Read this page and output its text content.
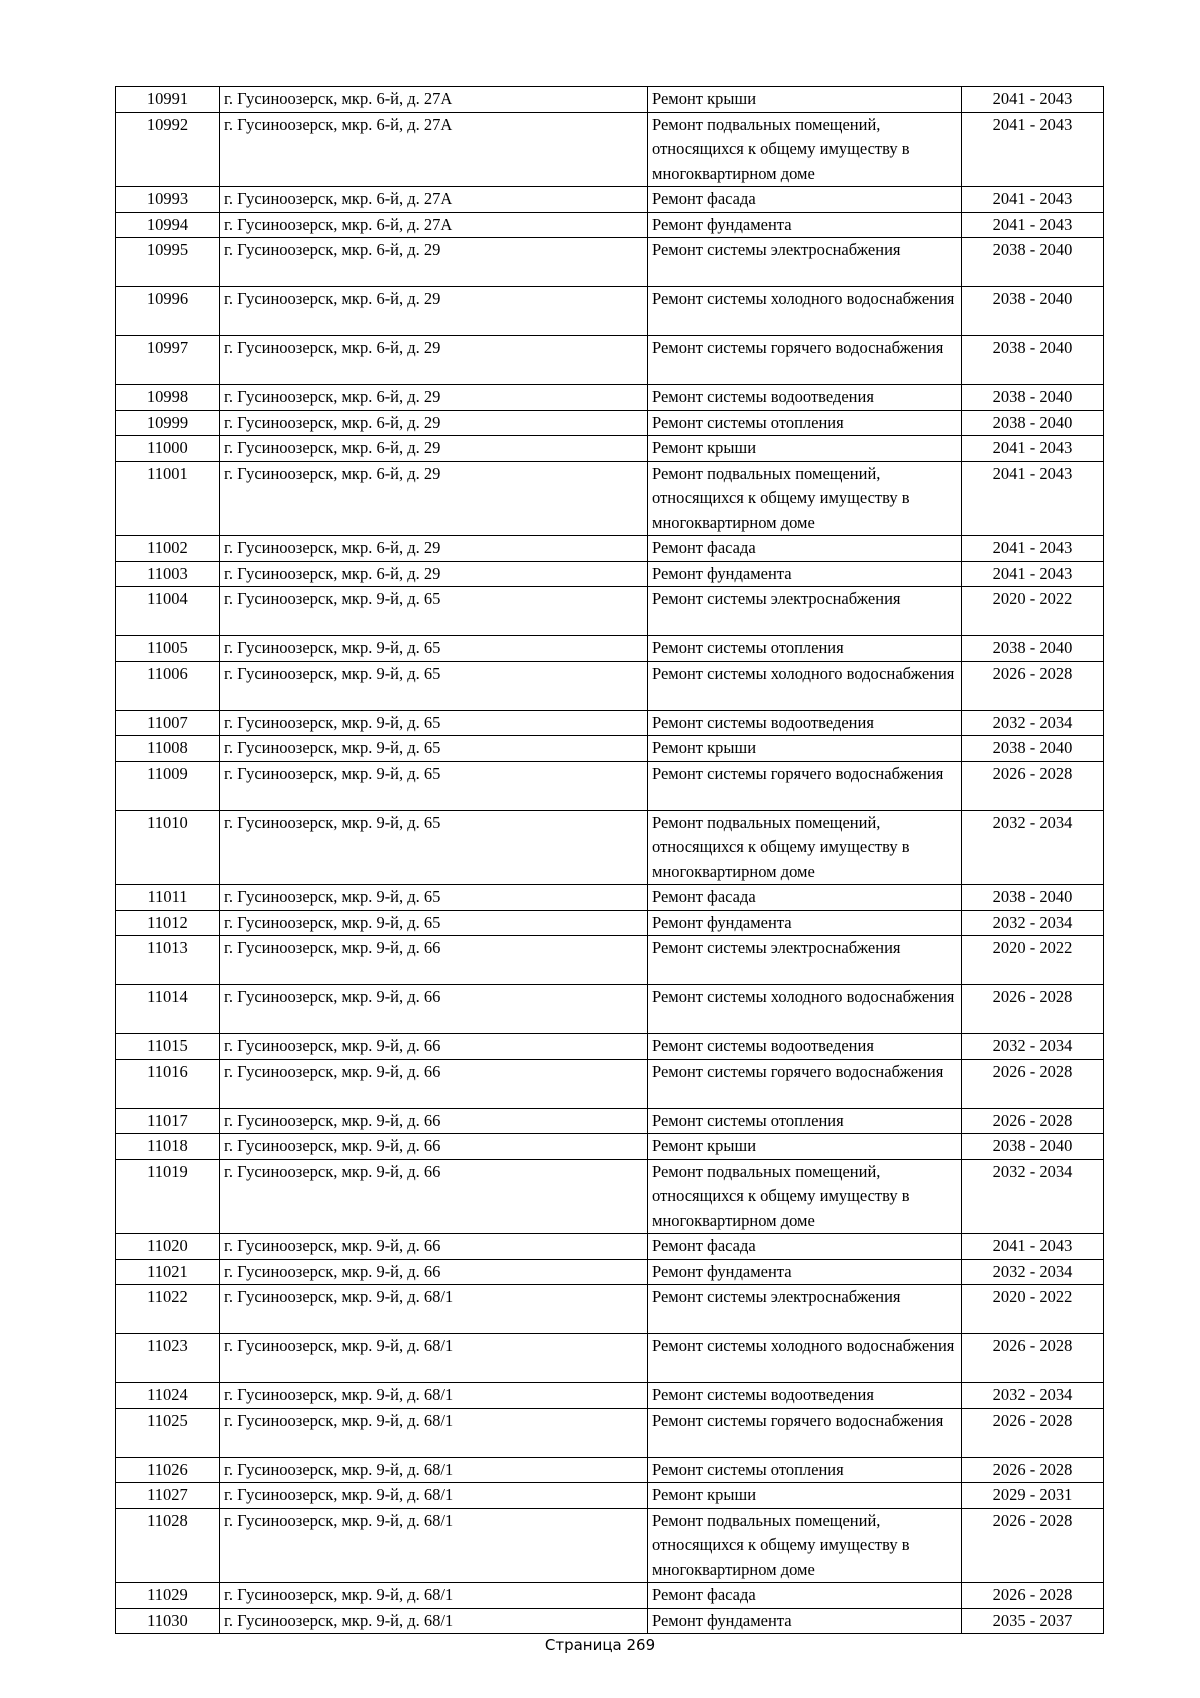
10991	г. Гусиноозерск, мкр. 6-й, д. 27А	Ремонт крыши	2041 - 2043
10992	г. Гусиноозерск, мкр. 6-й, д. 27А	Ремонт подвальных помещений, относящихся к общему имуществу в многоквартирном доме	2041 - 2043
10993	г. Гусиноозерск, мкр. 6-й, д. 27А	Ремонт фасада	2041 - 2043
10994	г. Гусиноозерск, мкр. 6-й, д. 27А	Ремонт фундамента	2041 - 2043
10995	г. Гусиноозерск, мкр. 6-й, д. 29	Ремонт системы электроснабжения	2038 - 2040
10996	г. Гусиноозерск, мкр. 6-й, д. 29	Ремонт системы холодного водоснабжения	2038 - 2040
10997	г. Гусиноозерск, мкр. 6-й, д. 29	Ремонт системы горячего водоснабжения	2038 - 2040
10998	г. Гусиноозерск, мкр. 6-й, д. 29	Ремонт системы водоотведения	2038 - 2040
10999	г. Гусиноозерск, мкр. 6-й, д. 29	Ремонт системы отопления	2038 - 2040
11000	г. Гусиноозерск, мкр. 6-й, д. 29	Ремонт крыши	2041 - 2043
11001	г. Гусиноозерск, мкр. 6-й, д. 29	Ремонт подвальных помещений, относящихся к общему имуществу в многоквартирном доме	2041 - 2043
11002	г. Гусиноозерск, мкр. 6-й, д. 29	Ремонт фасада	2041 - 2043
11003	г. Гусиноозерск, мкр. 6-й, д. 29	Ремонт фундамента	2041 - 2043
11004	г. Гусиноозерск, мкр. 9-й, д. 65	Ремонт системы электроснабжения	2020 - 2022
11005	г. Гусиноозерск, мкр. 9-й, д. 65	Ремонт системы отопления	2038 - 2040
11006	г. Гусиноозерск, мкр. 9-й, д. 65	Ремонт системы холодного водоснабжения	2026 - 2028
11007	г. Гусиноозерск, мкр. 9-й, д. 65	Ремонт системы водоотведения	2032 - 2034
11008	г. Гусиноозерск, мкр. 9-й, д. 65	Ремонт крыши	2038 - 2040
11009	г. Гусиноозерск, мкр. 9-й, д. 65	Ремонт системы горячего водоснабжения	2026 - 2028
11010	г. Гусиноозерск, мкр. 9-й, д. 65	Ремонт подвальных помещений, относящихся к общему имуществу в многоквартирном доме	2032 - 2034
11011	г. Гусиноозерск, мкр. 9-й, д. 65	Ремонт фасада	2038 - 2040
11012	г. Гусиноозерск, мкр. 9-й, д. 65	Ремонт фундамента	2032 - 2034
11013	г. Гусиноозерск, мкр. 9-й, д. 66	Ремонт системы электроснабжения	2020 - 2022
11014	г. Гусиноозерск, мкр. 9-й, д. 66	Ремонт системы холодного водоснабжения	2026 - 2028
11015	г. Гусиноозерск, мкр. 9-й, д. 66	Ремонт системы водоотведения	2032 - 2034
11016	г. Гусиноозерск, мкр. 9-й, д. 66	Ремонт системы горячего водоснабжения	2026 - 2028
11017	г. Гусиноозерск, мкр. 9-й, д. 66	Ремонт системы отопления	2026 - 2028
11018	г. Гусиноозерск, мкр. 9-й, д. 66	Ремонт крыши	2038 - 2040
11019	г. Гусиноозерск, мкр. 9-й, д. 66	Ремонт подвальных помещений, относящихся к общему имуществу в многоквартирном доме	2032 - 2034
11020	г. Гусиноозерск, мкр. 9-й, д. 66	Ремонт фасада	2041 - 2043
11021	г. Гусиноозерск, мкр. 9-й, д. 66	Ремонт фундамента	2032 - 2034
11022	г. Гусиноозерск, мкр. 9-й, д. 68/1	Ремонт системы электроснабжения	2020 - 2022
11023	г. Гусиноозерск, мкр. 9-й, д. 68/1	Ремонт системы холодного водоснабжения	2026 - 2028
11024	г. Гусиноозерск, мкр. 9-й, д. 68/1	Ремонт системы водоотведения	2032 - 2034
11025	г. Гусиноозерск, мкр. 9-й, д. 68/1	Ремонт системы горячего водоснабжения	2026 - 2028
11026	г. Гусиноозерск, мкр. 9-й, д. 68/1	Ремонт системы отопления	2026 - 2028
11027	г. Гусиноозерск, мкр. 9-й, д. 68/1	Ремонт крыши	2029 - 2031
11028	г. Гусиноозерск, мкр. 9-й, д. 68/1	Ремонт подвальных помещений, относящихся к общему имуществу в многоквартирном доме	2026 - 2028
11029	г. Гусиноозерск, мкр. 9-й, д. 68/1	Ремонт фасада	2026 - 2028
11030	г. Гусиноозерск, мкр. 9-й, д. 68/1	Ремонт фундамента	2035 - 2037
Страница 269
